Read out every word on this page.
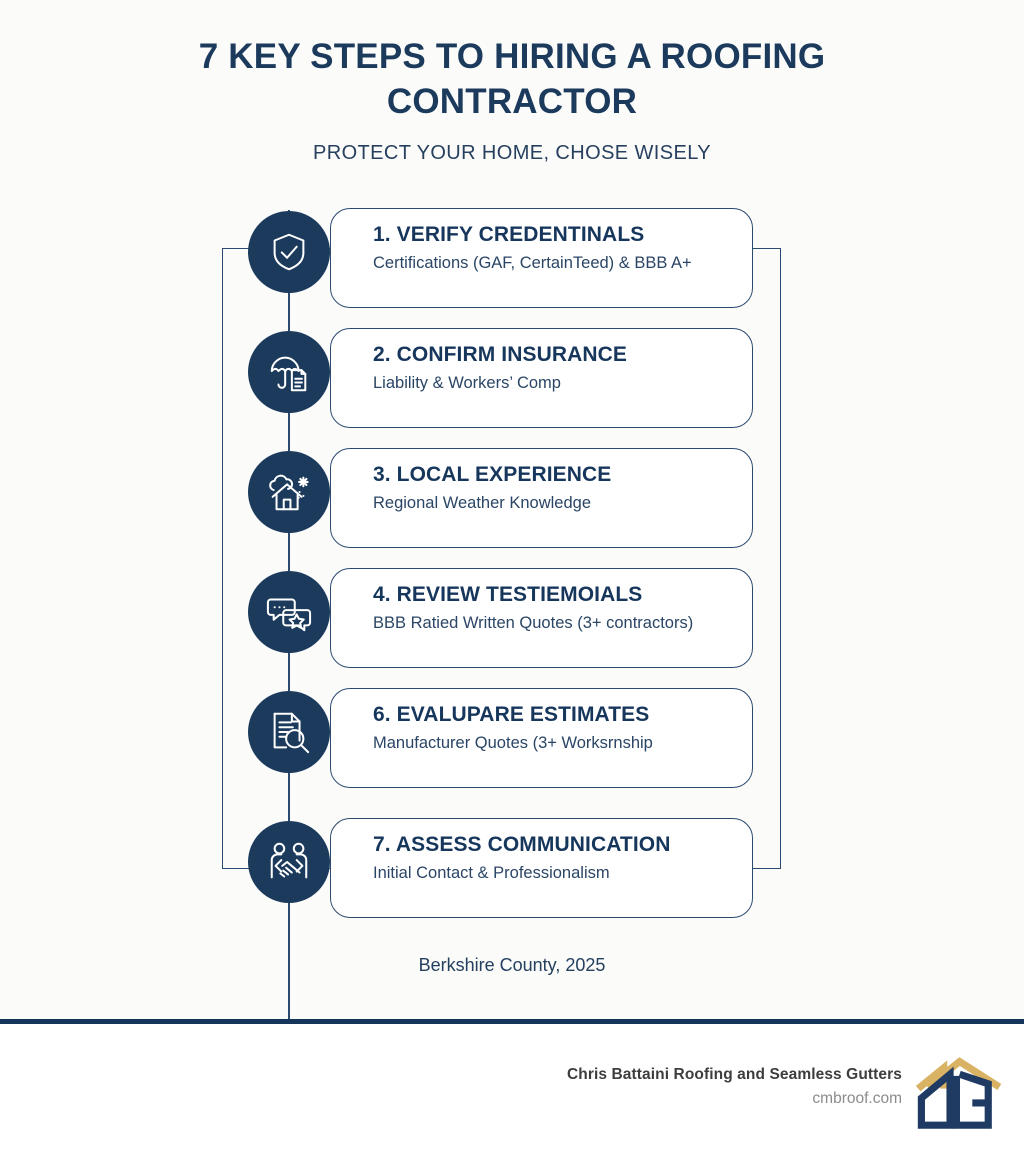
7 KEY STEPS TO HIRING A ROOFING CONTRACTOR
PROTECT YOUR HOME, CHOSE WISELY
1. VERIFY CREDENTINALS
Certifications (GAF, CertainTeed) & BBB A+
2. CONFIRM INSURANCE
Liability & Workers’ Comp
3. LOCAL EXPERIENCE
Regional Weather Knowledge
4. REVIEW TESTIEMOIALS
BBB Ratied Written Quotes (3+ contractors)
6. EVALUPARE ESTIMATES
Manufacturer Quotes (3+ Worksrnship
7. ASSESS COMMUNICATION
Initial Contact & Professionalism
Berkshire County, 2025
Chris Battaini Roofing and Seamless Gutters
cmbroof.com
